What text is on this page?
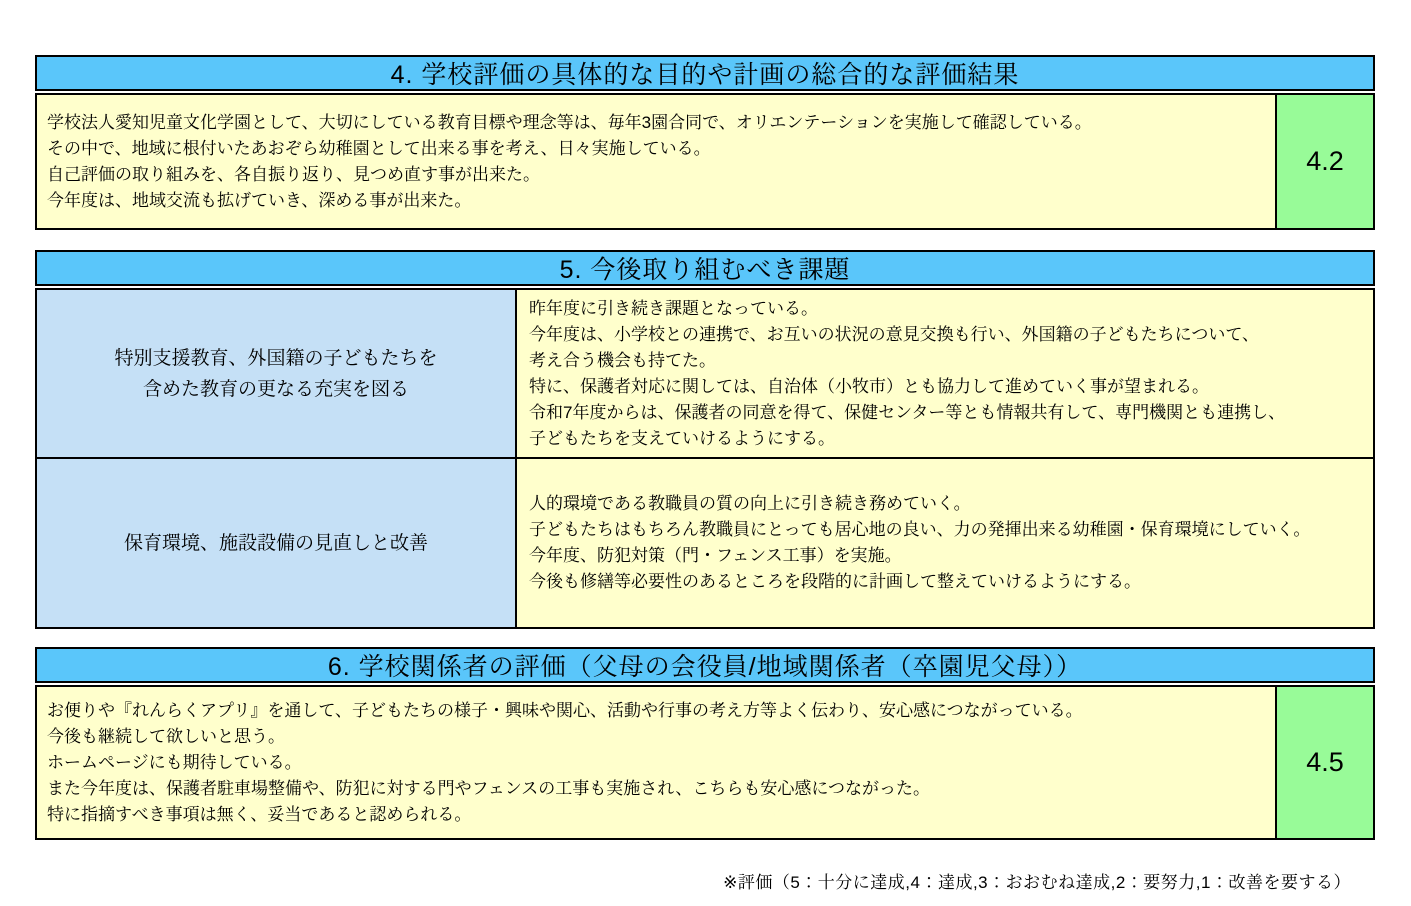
4. 学校評価の具体的な目的や計画の総合的な評価結果
学校法人愛知児童文化学園として、大切にしている教育目標や理念等は、毎年3園合同で、オリエンテーションを実施して確認している。
その中で、地域に根付いたあおぞら幼稚園として出来る事を考え、日々実施している。
自己評価の取り組みを、各自振り返り、見つめ直す事が出来た。
今年度は、地域交流も拡げていき、深める事が出来た。
4.2
5. 今後取り組むべき課題
特別支援教育、外国籍の子どもたちを
含めた教育の更なる充実を図る
昨年度に引き続き課題となっている。
今年度は、小学校との連携で、お互いの状況の意見交換も行い、外国籍の子どもたちについて、
考え合う機会も持てた。
特に、保護者対応に関しては、自治体（小牧市）とも協力して進めていく事が望まれる。
令和7年度からは、保護者の同意を得て、保健センター等とも情報共有して、専門機関とも連携し、
子どもたちを支えていけるようにする。
保育環境、施設設備の見直しと改善
人的環境である教職員の質の向上に引き続き務めていく。
子どもたちはもちろん教職員にとっても居心地の良い、力の発揮出来る幼稚園・保育環境にしていく。
今年度、防犯対策（門・フェンス工事）を実施。
今後も修繕等必要性のあるところを段階的に計画して整えていけるようにする。
6. 学校関係者の評価（父母の会役員/地域関係者（卒園児父母））
お便りや『れんらくアプリ』を通して、子どもたちの様子・興味や関心、活動や行事の考え方等よく伝わり、安心感につながっている。
今後も継続して欲しいと思う。
ホームページにも期待している。
また今年度は、保護者駐車場整備や、防犯に対する門やフェンスの工事も実施され、こちらも安心感につながった。
特に指摘すべき事項は無く、妥当であると認められる。
4.5
※評価（5：十分に達成,4：達成,3：おおむね達成,2：要努力,1：改善を要する）
